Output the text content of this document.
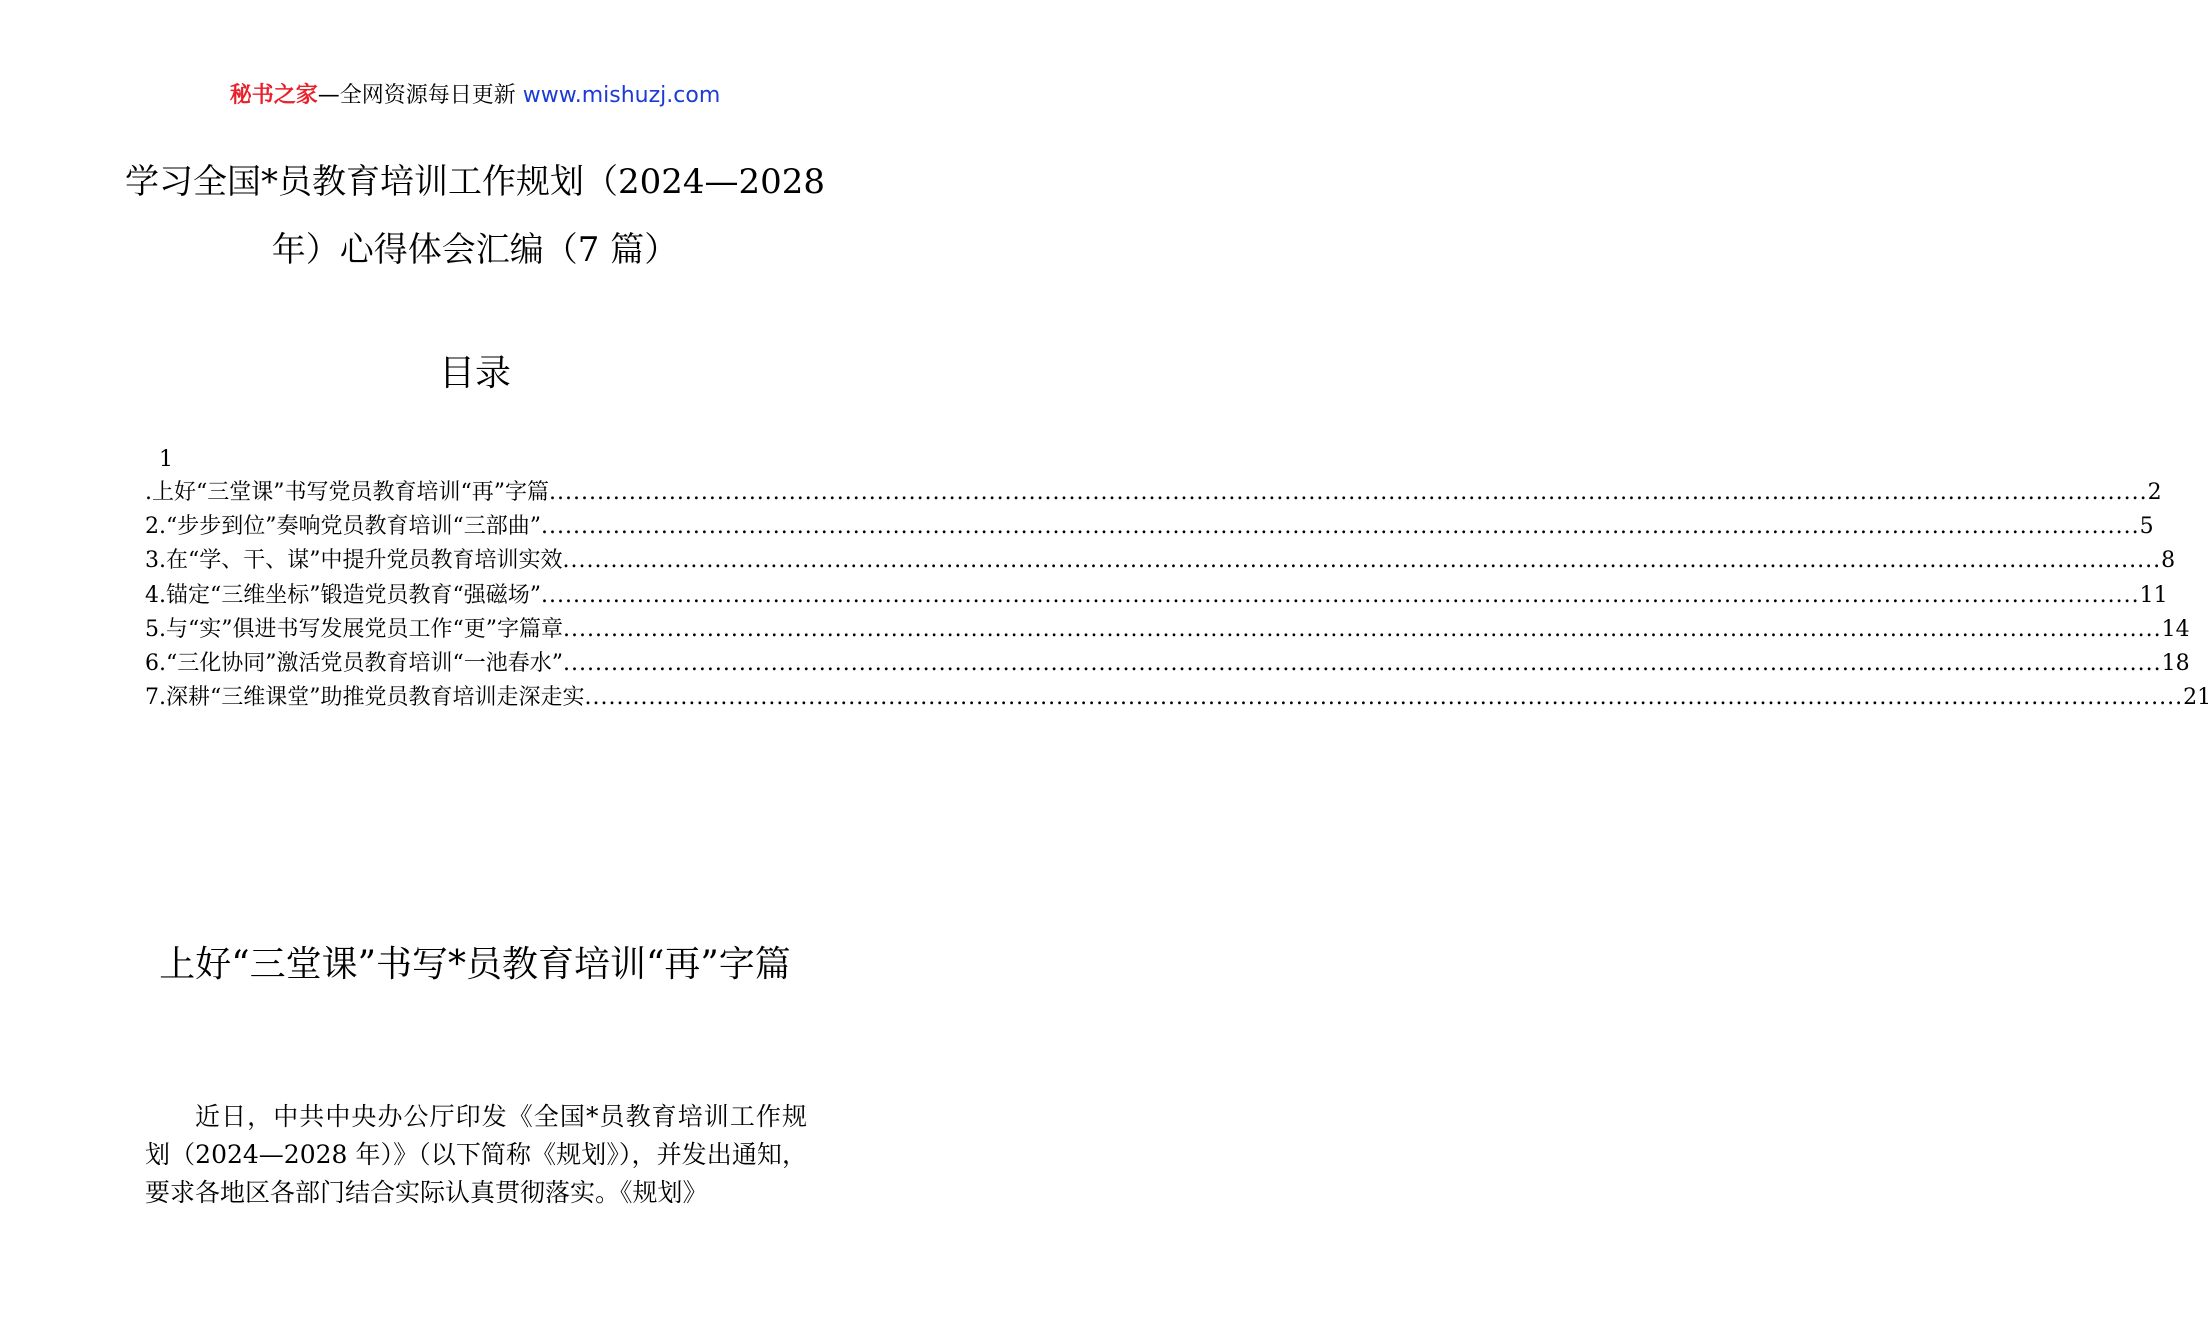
秘书之家—全网资源每日更新 www.mishuzj.com
学习全国*员教育培训工作规划（2024—2028 年）心得体会汇编（7 篇）
目录
1
.上好“三堂课”书写党员教育培训“再”字篇 ........................................................................................................................................................................................................ 2
2.“步步到位”奏响党员教育培训“三部曲” ........................................................................................................................................................................................................ 5
3.在“学、干、谋”中提升党员教育培训实效 ........................................................................................................................................................................................................ 8
4.锚定“三维坐标”锻造党员教育“强磁场” ........................................................................................................................................................................................................ 11
5.与“实”俱进书写发展党员工作“更”字篇章 ........................................................................................................................................................................................................ 14
6.“三化协同”激活党员教育培训“一池春水” ........................................................................................................................................................................................................ 18
7.深耕“三维课堂”助推党员教育培训走深走实 ........................................................................................................................................................................................................ 21
上好“三堂课”书写*员教育培训“再”字篇
近日，中共中央办公厅印发《全国*员教育培训工作规划（2024—2028 年）》（以下简称《规划》），并发出通知，要求各地区各部门结合实际认真贯彻落实。《规划》
